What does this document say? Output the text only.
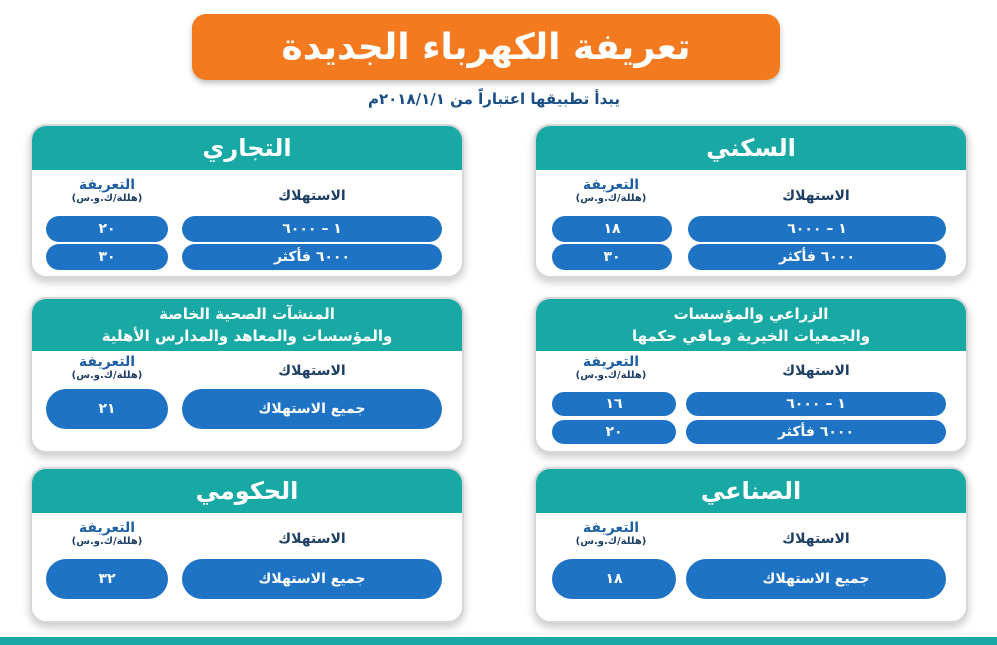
تعريفة الكهرباء الجديدة
يبدأ تطبيقها اعتباراً من ٢٠١٨/١/١م
السكني
الاستهلاك
التعريفة
(هللة/ك.و.س)
١ – ٦٠٠٠
١٨
٦٠٠٠ فأكثر
٣٠
التجاري
الاستهلاك
التعريفة
(هللة/ك.و.س)
١ – ٦٠٠٠
٢٠
٦٠٠٠ فأكثر
٣٠
الزراعي والمؤسسات
والجمعيات الخيرية ومافي حكمها
الاستهلاك
التعريفة
(هللة/ك.و.س)
١ – ٦٠٠٠
١٦
٦٠٠٠ فأكثر
٢٠
المنشآت الصحية الخاصة
والمؤسسات والمعاهد والمدارس الأهلية
الاستهلاك
التعريفة
(هللة/ك.و.س)
جميع الاستهلاك
٢١
الصناعي
الاستهلاك
التعريفة
(هللة/ك.و.س)
جميع الاستهلاك
١٨
الحكومي
الاستهلاك
التعريفة
(هللة/ك.و.س)
جميع الاستهلاك
٣٢
